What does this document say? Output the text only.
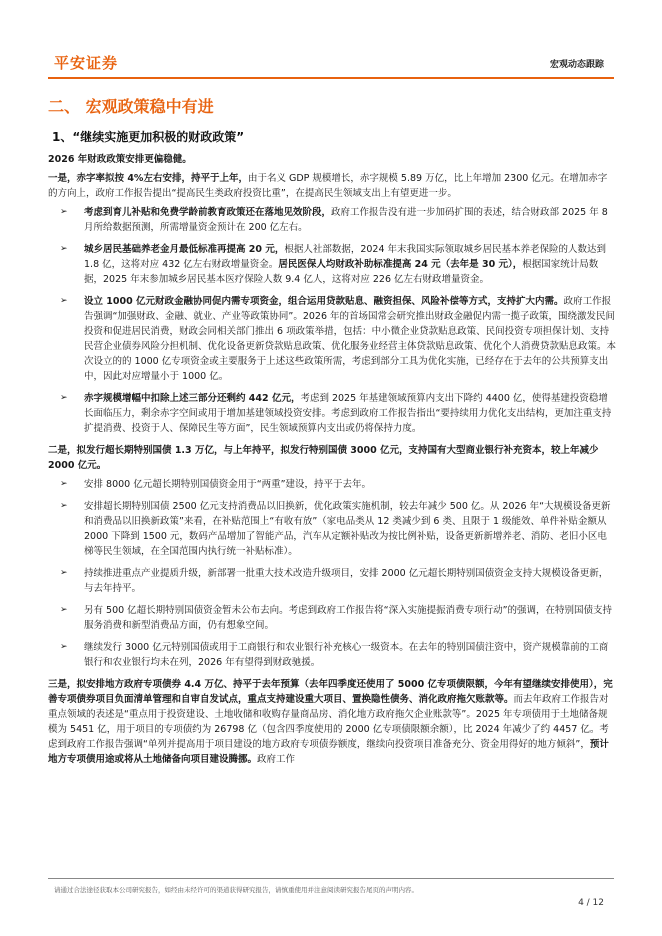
平安证券	宏观动态跟踪
二、 宏观政策稳中有进
1、“继续实施更加积极的财政政策”

2026 年财政政策安排更偏稳健。

一是，赤字率拟按 4%左右安排，持平于上年，由于名义 GDP 规模增长，赤字规模 5.89 万亿，比上年增加 2300 亿元。在增加赤字的方向上，政府工作报告提出“提高民生类政府投资比重”，在提高民生领域支出上有望更进一步。

➢ 考虑到育儿补贴和免费学龄前教育政策还在落地见效阶段，政府工作报告没有进一步加码扩围的表述，结合财政部 2025 年 8 月所给数据预测，所需增量资金预计在 200 亿左右。
➢ 城乡居民基础养老金月最低标准再提高 20 元，根据人社部数据，2024 年末我国实际领取城乡居民基本养老保险的人数达到 1.8 亿，这将对应 432 亿左右财政增量资金。居民医保人均财政补助标准提高 24 元（去年是 30 元），根据国家统计局数据，2025 年末参加城乡居民基本医疗保险人数 9.4 亿人，这将对应 226 亿左右财政增量资金。
➢ 设立 1000 亿元财政金融协同促内需专项资金，组合运用贷款贴息、融资担保、风险补偿等方式，支持扩大内需。政府工作报告强调“加强财政、金融、就业、产业等政策协同”。2026 年的首场国常会研究推出财政金融促内需一揽子政策，围绕激发民间投资和促进居民消费，财政会同相关部门推出 6 项政策举措，包括：中小微企业贷款贴息政策、民间投资专项担保计划、支持民营企业债券风险分担机制、优化设备更新贷款贴息政策、优化服务业经营主体贷款贴息政策、优化个人消费贷款贴息政策。本次设立的的 1000 亿专项资金或主要服务于上述这些政策所需，考虑到部分工具为优化实施，已经存在于去年的公共预算支出中，因此对应增量小于 1000 亿。
➢ 赤字规模增幅中扣除上述三部分还剩约 442 亿元，考虑到 2025 年基建领域预算内支出下降约 4400 亿，使得基建投资稳增长面临压力，剩余赤字空间或用于增加基建领域投资安排。考虑到政府工作报告指出“要持续用力优化支出结构，更加注重支持扩提消费、投资于人、保障民生等方面”，民生领域预算内支出或仍将保持力度。

二是，拟发行超长期特别国债 1.3 万亿，与上年持平，拟发行特别国债 3000 亿元，支持国有大型商业银行补充资本，较上年减少 2000 亿元。

➢ 安排 8000 亿元超长期特别国债资金用于“两重”建设，持平于去年。
➢ 安排超长期特别国债 2500 亿元支持消费品以旧换新，优化政策实施机制，较去年减少 500 亿。从 2026 年“大规模设备更新和消费品以旧换新政策”来看，在补贴范围上“有收有放”（家电品类从 12 类减少到 6 类、且限于 1 级能效、单件补贴金额从 2000 下降到 1500 元，数码产品增加了智能产品，汽车从定额补贴改为按比例补贴，设备更新新增养老、消防、老旧小区电梯等民生领域，在全国范围内执行统一补贴标准）。
➢ 持续推进重点产业提质升级，新部署一批重大技术改造升级项目，安排 2000 亿元超长期特别国债资金支持大规模设备更新，与去年持平。
➢ 另有 500 亿超长期特别国债资金暂未公布去向。考虑到政府工作报告将“深入实施提振消费专项行动”的强调，在特别国债支持服务消费和新型消费品方面，仍有想象空间。
➢ 继续发行 3000 亿元特别国债或用于工商银行和农业银行补充核心一级资本。在去年的特别国债注资中，资产规模靠前的工商银行和农业银行均未在列，2026 年有望得到财政驰援。

三是，拟安排地方政府专项债券 4.4 万亿、持平于去年预算（去年四季度还使用了 5000 亿专项债限额，今年有望继续安排使用），完善专项债券项目负面清单管理和自审自发试点，重点支持建设重大项目、置换隐性债务、消化政府拖欠账款等。而去年政府工作报告对重点领域的表述是“重点用于投资建设、土地收储和收购存量商品房、消化地方政府拖欠企业账款等”。2025 年专项债用于土地储备规模为 5451 亿，用于项目的专项债约为 26798 亿（包含四季度使用的 2000 亿专项债限额余额），比 2024 年减少了约 4457 亿。考虑到政府工作报告强调“单列并提高用于项目建设的地方政府专项债券额度，继续向投资项目准备充分、资金用得好的地方倾斜”，预计地方专项债用途或将从土地储备向项目建设腾挪。政府工作

请通过合法途径获取本公司研究报告，如经由未经许可的渠道获得研究报告，请慎重使用并注意阅读研究报告尾页的声明内容。
4 / 12
